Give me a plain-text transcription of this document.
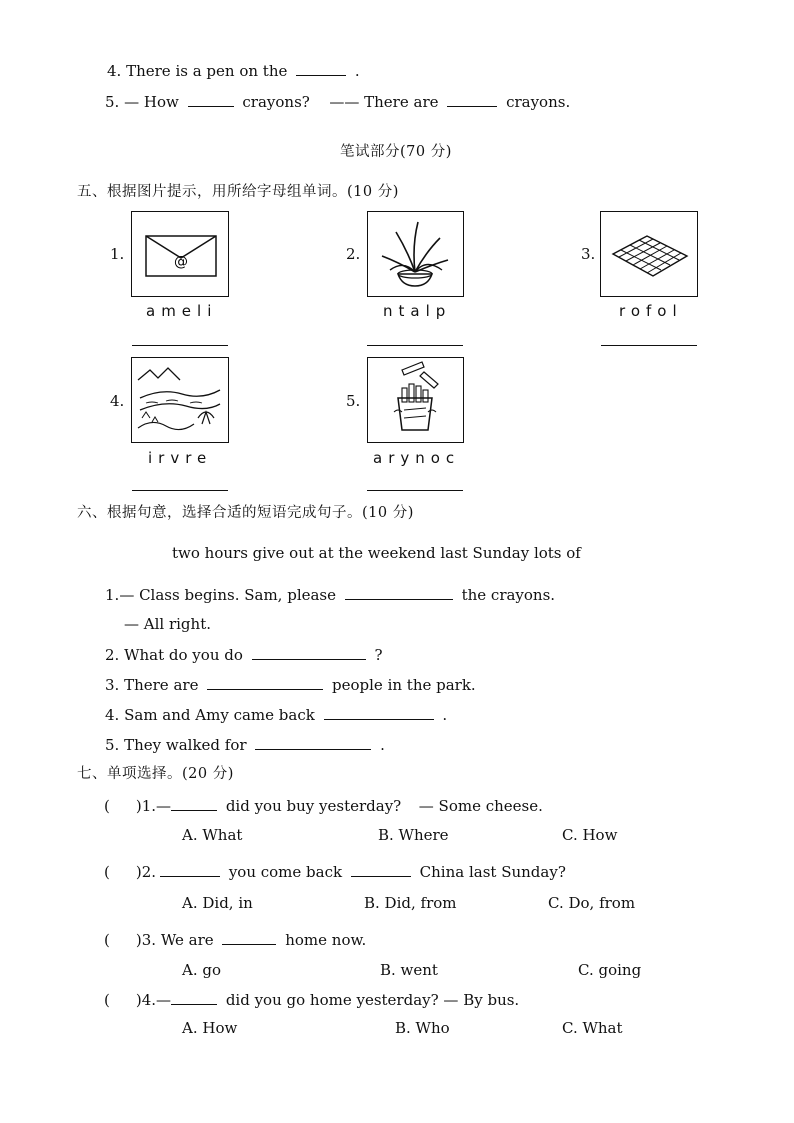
4. There is a pen on the	.
5. — How	crayons? —— There are	crayons.
笔试部分(70 分)
五、根据图片提示，用所给字母组单词。(10 分)
1.	@
ameli
2.
ntalp
3.
rofol
4.
irvre
5.
arynoc
六、根据句意，选择合适的短语完成句子。(10 分)
two hours give out at the weekend last Sunday lots of
1.— Class begins. Sam, please	the crayons.
— All right.
2. What do you do	?
3. There are	people in the park.
4. Sam and Amy came back	.
5. They walked for	.
七、单项选择。(20 分)
( )1.—	did you buy yesterday? — Some cheese.
A. What	B. Where	C. How
( )2.	you come back	China last Sunday?
A. Did, in	B. Did, from	C. Do, from
( )3. We are	home now.
A. go	B. went	C. going
( )4.—	did you go home yesterday? — By bus.
A. How	B. Who	C. What
